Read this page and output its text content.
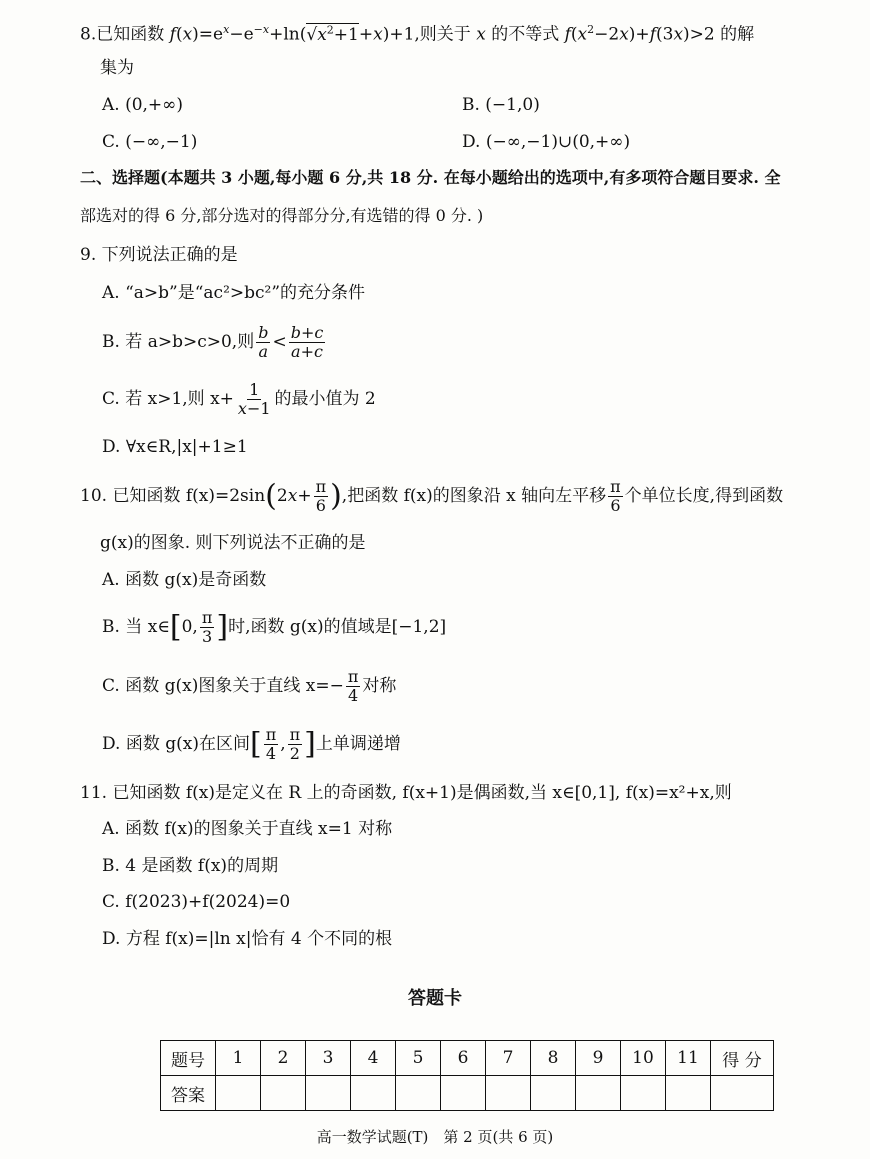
8.已知函数 $f(x)=e^x-e^{-x}+\ln(√x^2+1+x)+1$,则关于 x 的不等式 $f(x^2-2x)+f(3x)>2$ 的解
集为
A. (0,+∞)	B. (−1,0)
C. (−∞,−1)	D. (−∞,−1)∪(0,+∞)
二、选择题(本题共 3 小题,每小题 6 分,共 18 分. 在每小题给出的选项中,有多项符合题目要求. 全
部选对的得 6 分,部分选对的得部分分,有选错的得 0 分. )
9. 下列说法正确的是
A. “a>b”是“ac²>bc²”的充分条件
B. 若 a>b>c>0,则 $\frac{b}{a} < \frac{b+c}{a+c}$
C. 若 x>1,则 $x+ \frac{1}{x-1}$ 的最小值为 2
D. ∀x∈R,|x|+1≥1
10. 已知函数 $f(x)=2\sin(2x+ \frac{\pi}{6}$ ),把函数 f(x)的图象沿 x 轴向左平移 $\frac{\pi}{6}$ 个单位长度,得到函数
g(x)的图象. 则下列说法不正确的是
A. 函数 g(x)是奇函数
B. 当 x∈[0, $\frac{\pi}{3}$ ]时,函数 g(x)的值域是[−1,2]
C. 函数 g(x)图象关于直线 $x=- \frac{\pi}{4}$ 对称
D. 函数 g(x)在区间[ $\frac{\pi}{4}$ , $\frac{\pi}{2}$ ]上单调递增
11. 已知函数 f(x)是定义在 R 上的奇函数, f(x+1)是偶函数,当 x∈[0,1], f(x)=x²+x,则
A. 函数 f(x)的图象关于直线 x=1 对称
B. 4 是函数 f(x)的周期
C. f(2023)+f(2024)=0
D. 方程 f(x)=|ln x|恰有 4 个不同的根
答题卡
题号	1	2	3	4	5	6	7	8	9	10	11	得 分
答案												
高一数学试题(T)　第 2 页(共 6 页)
